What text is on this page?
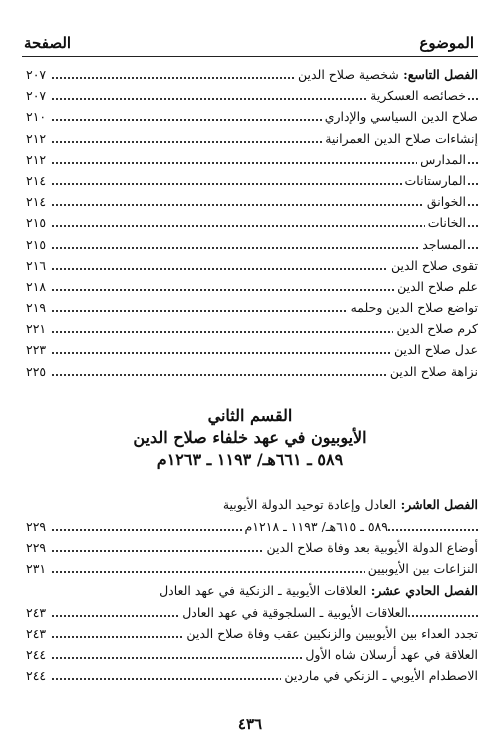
الموضوع
الصفحة
الفصل التاسع: شخصية صلاح الدين
٢٠٧
خصائصه العسكرية
٢٠٧
صلاح الدين السياسي والإداري
٢١٠
إنشاءات صلاح الدين العمرانية
٢١٢
المدارس
٢١٢
المارستانات
٢١٤
الخوانق
٢١٤
الخانات
٢١٥
المساجد
٢١٥
تقوى صلاح الدين
٢١٦
علم صلاح الدين
٢١٨
تواضع صلاح الدين وحلمه
٢١٩
كرم صلاح الدين
٢٢١
عدل صلاح الدين
٢٢٣
نزاهة صلاح الدين
٢٢٥
القسم الثاني
الأيوبيون في عهد خلفاء صلاح الدين
٥٨٩ ـ ٦٦١هـ/ ١١٩٣ ـ ١٢٦٣م
الفصل العاشر: العادل وإعادة توحيد الدولة الأيوبية
٥٨٩ ـ ٦١٥هـ/ ١١٩٣ ـ ١٢١٨م
٢٢٩
أوضاع الدولة الأيوبية بعد وفاة صلاح الدين
٢٢٩
النزاعات بين الأيوبيين
٢٣١
الفصل الحادي عشر: العلاقات الأيوبية ـ الزنكية في عهد العادل
العلاقات الأيوبية ـ السلجوقية في عهد العادل
٢٤٣
تجدد العداء بين الأيوبيين والزنكيين عقب وفاة صلاح الدين
٢٤٣
العلاقة في عهد أرسلان شاه الأول
٢٤٤
الاصطدام الأيوبي ـ الزنكي في ماردين
٢٤٤
٤٣٦
